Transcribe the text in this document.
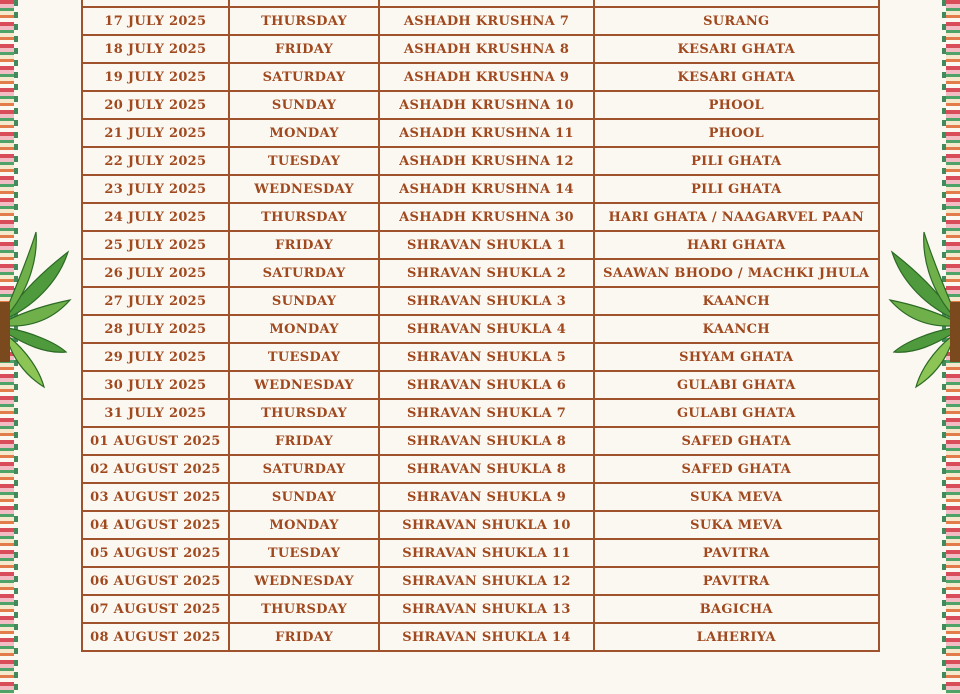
17 JULY 2025	THURSDAY	ASHADH KRUSHNA 7	SURANG
18 JULY 2025	FRIDAY	ASHADH KRUSHNA 8	KESARI GHATA
19 JULY 2025	SATURDAY	ASHADH KRUSHNA 9	KESARI GHATA
20 JULY 2025	SUNDAY	ASHADH KRUSHNA 10	PHOOL
21 JULY 2025	MONDAY	ASHADH KRUSHNA 11	PHOOL
22 JULY 2025	TUESDAY	ASHADH KRUSHNA 12	PILI GHATA
23 JULY 2025	WEDNESDAY	ASHADH KRUSHNA 14	PILI GHATA
24 JULY 2025	THURSDAY	ASHADH KRUSHNA 30	HARI GHATA / NAAGARVEL PAAN
25 JULY 2025	FRIDAY	SHRAVAN SHUKLA 1	HARI GHATA
26 JULY 2025	SATURDAY	SHRAVAN SHUKLA 2	SAAWAN BHODO / MACHKI JHULA
27 JULY 2025	SUNDAY	SHRAVAN SHUKLA 3	KAANCH
28 JULY 2025	MONDAY	SHRAVAN SHUKLA 4	KAANCH
29 JULY 2025	TUESDAY	SHRAVAN SHUKLA 5	SHYAM GHATA
30 JULY 2025	WEDNESDAY	SHRAVAN SHUKLA 6	GULABI GHATA
31 JULY 2025	THURSDAY	SHRAVAN SHUKLA 7	GULABI GHATA
01 AUGUST 2025	FRIDAY	SHRAVAN SHUKLA 8	SAFED GHATA
02 AUGUST 2025	SATURDAY	SHRAVAN SHUKLA 8	SAFED GHATA
03 AUGUST 2025	SUNDAY	SHRAVAN SHUKLA 9	SUKA MEVA
04 AUGUST 2025	MONDAY	SHRAVAN SHUKLA 10	SUKA MEVA
05 AUGUST 2025	TUESDAY	SHRAVAN SHUKLA 11	PAVITRA
06 AUGUST 2025	WEDNESDAY	SHRAVAN SHUKLA 12	PAVITRA
07 AUGUST 2025	THURSDAY	SHRAVAN SHUKLA 13	BAGICHA
08 AUGUST 2025	FRIDAY	SHRAVAN SHUKLA 14	LAHERIYA
